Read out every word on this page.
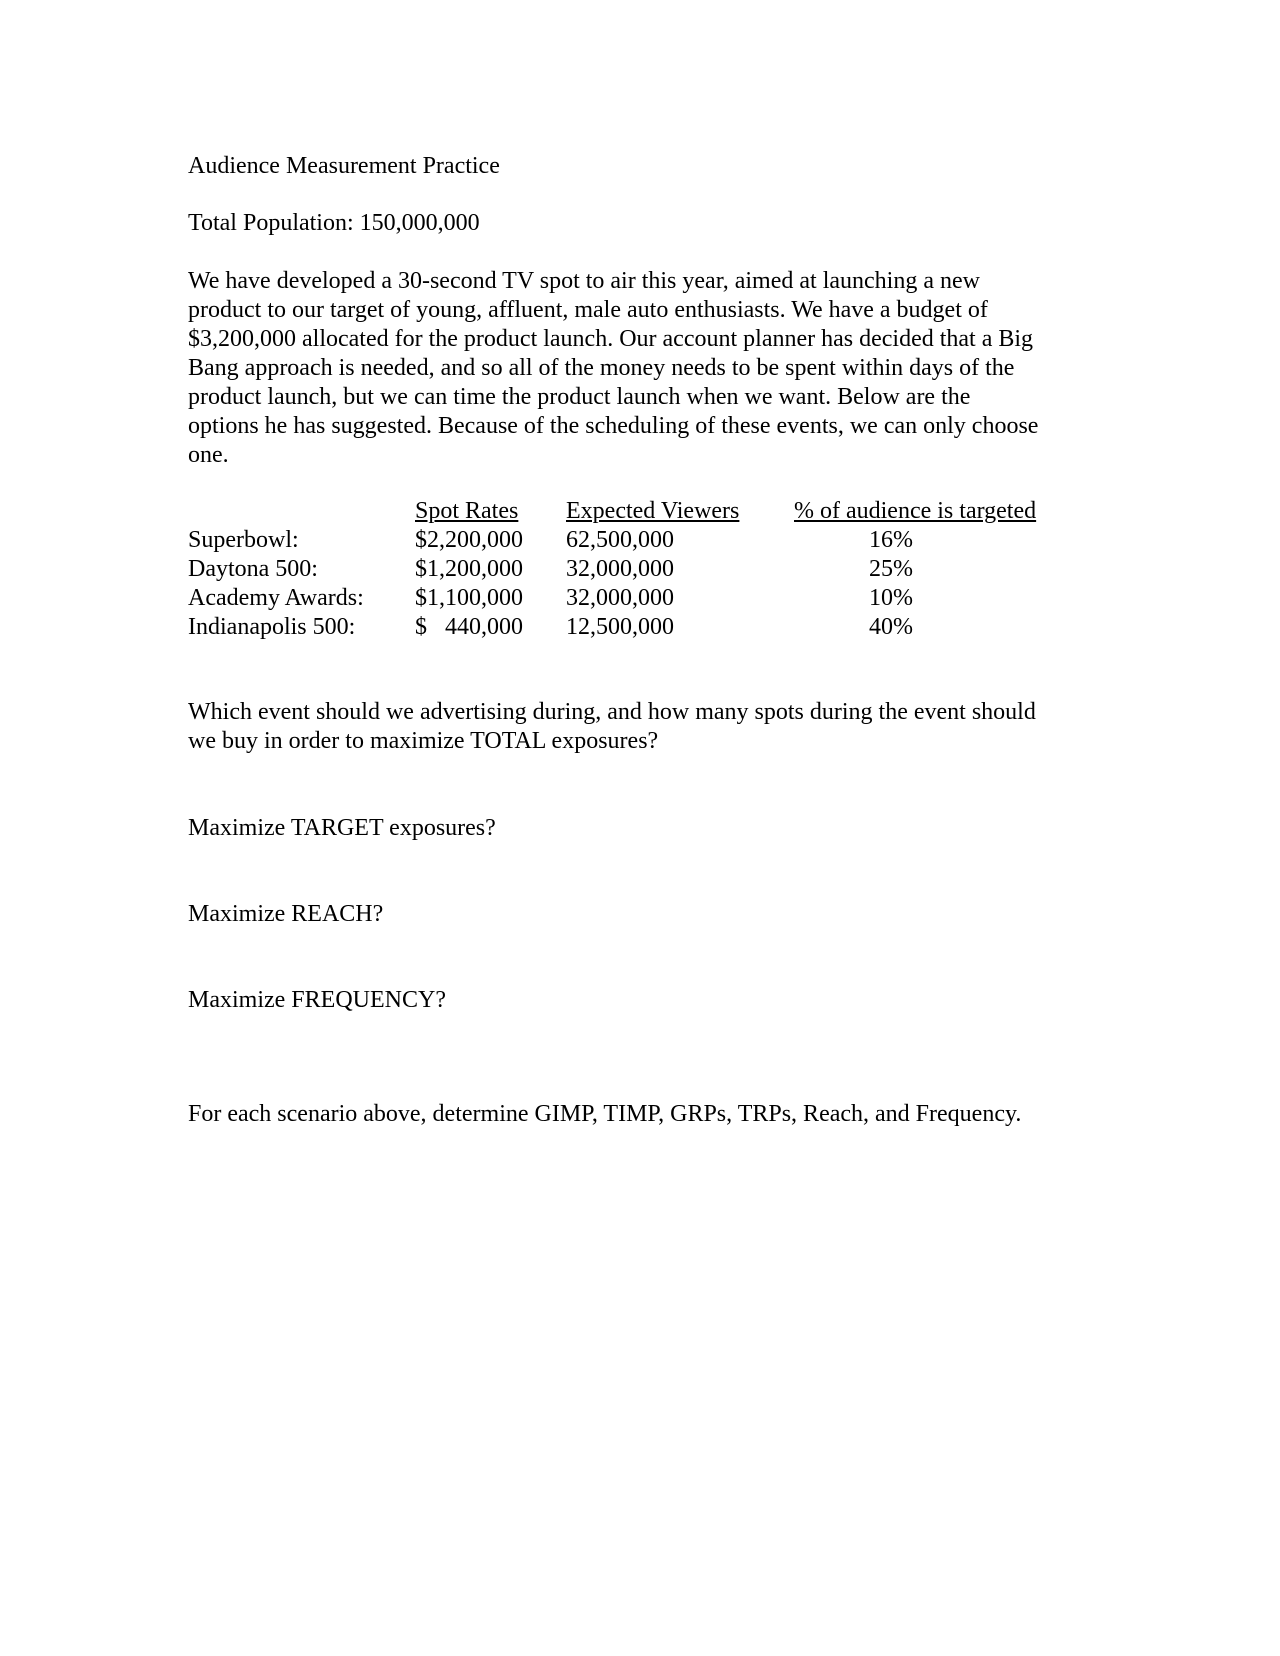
Audience Measurement Practice

Total Population: 150,000,000

We have developed a 30-second TV spot to air this year, aimed at launching a new
product to our target of young, affluent, male auto enthusiasts. We have a budget of
$3,200,000 allocated for the product launch. Our account planner has decided that a Big
Bang approach is needed, and so all of the money needs to be spent within days of the
product launch, but we can time the product launch when we want. Below are the
options he has suggested. Because of the scheduling of these events, we can only choose
one.

Spot Rates Expected Viewers % of audience is targeted
Superbowl:	$2,200,000 62,500,000	16%
Daytona 500:	$1,200,000 32,000,000	25%
Academy Awards: $1,100,000 32,000,000	10%
Indianapolis 500: $   440,000 12,500,000	40%

Which event should we advertising during, and how many spots during the event should
we buy in order to maximize TOTAL exposures?

Maximize TARGET exposures?

Maximize REACH?

Maximize FREQUENCY?

For each scenario above, determine GIMP, TIMP, GRPs, TRPs, Reach, and Frequency.
